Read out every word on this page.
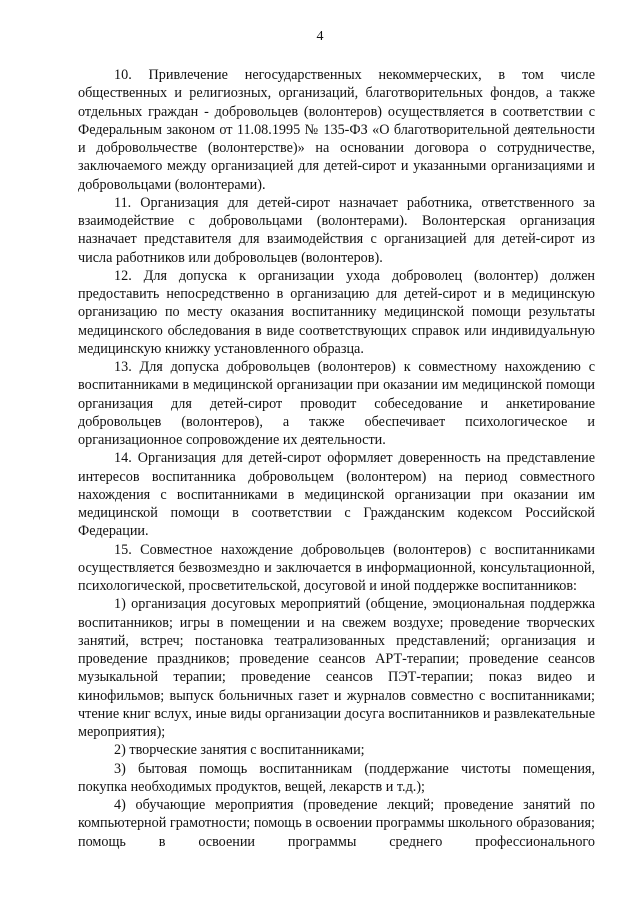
4

10. Привлечение негосударственных некоммерческих, в том числе общественных и религиозных, организаций, благотворительных фондов, а также отдельных граждан - добровольцев (волонтеров) осуществляется в соответствии с Федеральным законом от 11.08.1995 № 135-ФЗ «О благотворительной деятельности и добровольчестве (волонтерстве)» на основании договора о сотрудничестве, заключаемого между организацией для детей-сирот и указанными организациями и добровольцами (волонтерами).

11. Организация для детей-сирот назначает работника, ответственного за взаимодействие с добровольцами (волонтерами). Волонтерская организация назначает представителя для взаимодействия с организацией для детей-сирот из числа работников или добровольцев (волонтеров).

12. Для допуска к организации ухода доброволец (волонтер) должен предоставить непосредственно в организацию для детей-сирот и в медицинскую организацию по месту оказания воспитаннику медицинской помощи результаты медицинского обследования в виде соответствующих справок или индивидуальную медицинскую книжку установленного образца.

13. Для допуска добровольцев (волонтеров) к совместному нахождению с воспитанниками в медицинской организации при оказании им медицинской помощи организация для детей-сирот проводит собеседование и анкетирование добровольцев (волонтеров), а также обеспечивает психологическое и организационное сопровождение их деятельности.

14. Организация для детей-сирот оформляет доверенность на представление интересов воспитанника добровольцем (волонтером) на период совместного нахождения с воспитанниками в медицинской организации при оказании им медицинской помощи в соответствии с Гражданским кодексом Российской Федерации.

15. Совместное нахождение добровольцев (волонтеров) с воспитанниками осуществляется безвозмездно и заключается в информационной, консультационной, психологической, просветительской, досуговой и иной поддержке воспитанников:

1) организация досуговых мероприятий (общение, эмоциональная поддержка воспитанников; игры в помещении и на свежем воздухе; проведение творческих занятий, встреч; постановка театрализованных представлений; организация и проведение праздников; проведение сеансов АРТ-терапии; проведение сеансов музыкальной терапии; проведение сеансов ПЭТ-терапии; показ видео и кинофильмов; выпуск больничных газет и журналов совместно с воспитанниками; чтение книг вслух, иные виды организации досуга воспитанников и развлекательные мероприятия);

2) творческие занятия с воспитанниками;

3) бытовая помощь воспитанникам (поддержание чистоты помещения, покупка необходимых продуктов, вещей, лекарств и т.д.);

4) обучающие мероприятия (проведение лекций; проведение занятий по компьютерной грамотности; помощь в освоении программы школьного образования; помощь в освоении программы среднего профессионального
